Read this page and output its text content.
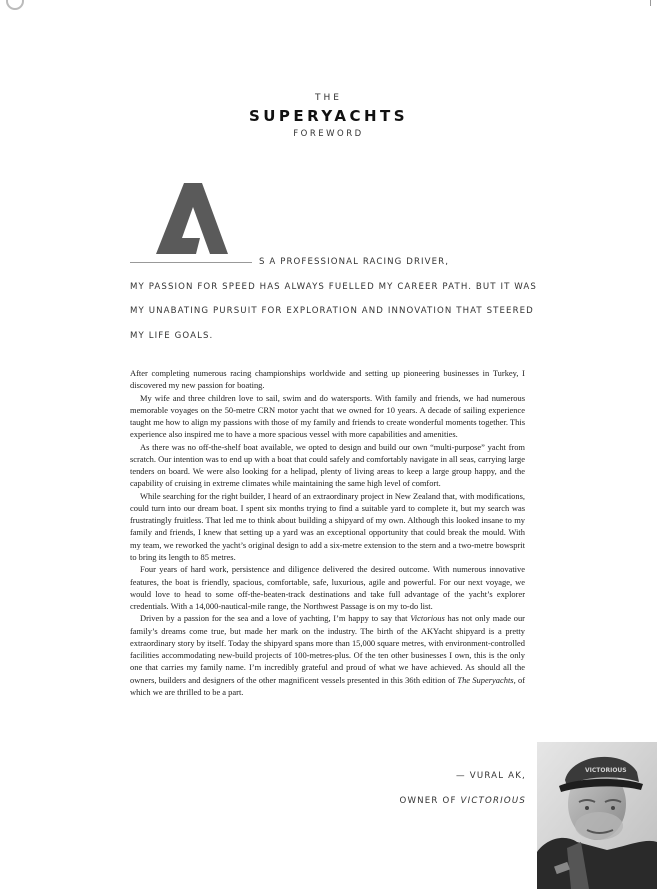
THE

SUPERYACHTS

FOREWORD

S A PROFESSIONAL RACING DRIVER,
MY PASSION FOR SPEED HAS ALWAYS FUELLED MY CAREER PATH. BUT IT WAS
MY UNABATING PURSUIT FOR EXPLORATION AND INNOVATION THAT STEERED
MY LIFE GOALS.

After completing numerous racing championships worldwide and setting up pioneering businesses in Turkey, I discovered my new passion for boating.

My wife and three children love to sail, swim and do watersports. With family and friends, we had numerous memorable voyages on the 50-metre CRN motor yacht that we owned for 10 years. A decade of sailing experience taught me how to align my passions with those of my family and friends to create wonderful moments together. This experience also inspired me to have a more spacious vessel with more capabilities and amenities.

As there was no off-the-shelf boat available, we opted to design and build our own “multi-purpose” yacht from scratch. Our intention was to end up with a boat that could safely and comfortably navigate in all seas, carrying large tenders on board. We were also looking for a helipad, plenty of living areas to keep a large group happy, and the capability of cruising in extreme climates while maintaining the same high level of comfort.

While searching for the right builder, I heard of an extraordinary project in New Zealand that, with modifications, could turn into our dream boat. I spent six months trying to find a suitable yard to complete it, but my search was frustratingly fruitless. That led me to think about building a shipyard of my own. Although this looked insane to my family and friends, I knew that setting up a yard was an exceptional opportunity that could break the mould. With my team, we reworked the yacht’s original design to add a six-metre extension to the stern and a two-metre bowsprit to bring its length to 85 metres.

Four years of hard work, persistence and diligence delivered the desired outcome. With numerous innovative features, the boat is friendly, spacious, comfortable, safe, luxurious, agile and powerful. For our next voyage, we would love to head to some off-the-beaten-track destinations and take full advantage of the yacht’s explorer credentials. With a 14,000-nautical-mile range, the Northwest Passage is on my to-do list.

Driven by a passion for the sea and a love of yachting, I’m happy to say that Victorious has not only made our family’s dreams come true, but made her mark on the industry. The birth of the AKYacht shipyard is a pretty extraordinary story by itself. Today the shipyard spans more than 15,000 square metres, with environment-controlled facilities accommodating new-build projects of 100-metres-plus. Of the ten other businesses I own, this is the only one that carries my family name. I’m incredibly grateful and proud of what we have achieved. As should all the owners, builders and designers of the other magnificent vessels presented in this 36th edition of The Superyachts, of which we are thrilled to be a part.

— VURAL AK,
OWNER OF VICTORIOUS
VICTORIOUS
